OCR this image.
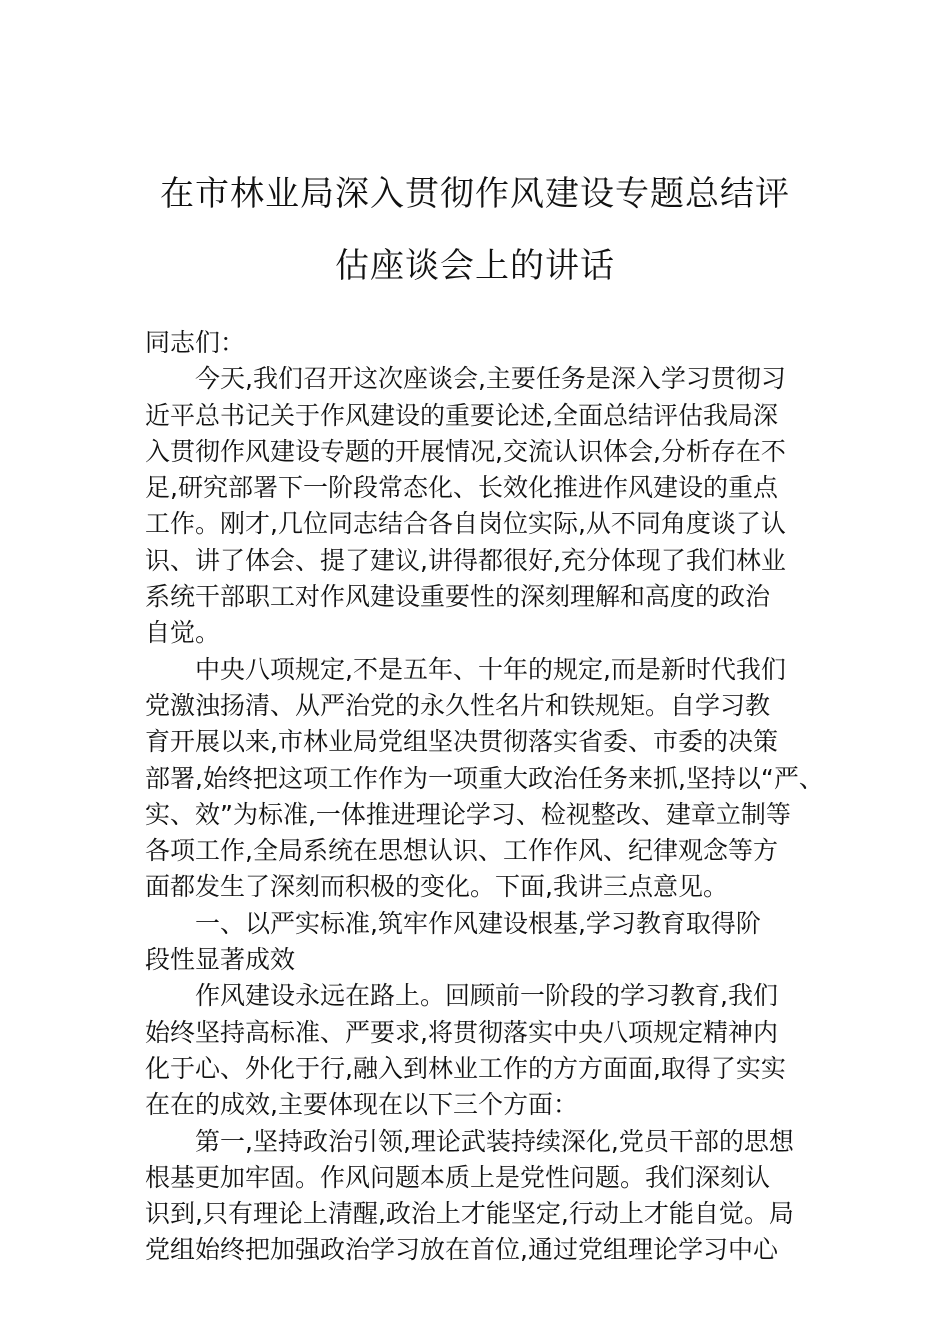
在市林业局深入贯彻作风建设专题总结评
估座谈会上的讲话
同志们：
今天,我们召开这次座谈会,主要任务是深入学习贯彻习
近平总书记关于作风建设的重要论述,全面总结评估我局深
入贯彻作风建设专题的开展情况,交流认识体会,分析存在不
足,研究部署下一阶段常态化、长效化推进作风建设的重点
工作。刚才,几位同志结合各自岗位实际,从不同角度谈了认
识、讲了体会、提了建议,讲得都很好,充分体现了我们林业
系统干部职工对作风建设重要性的深刻理解和高度的政治
自觉。
中央八项规定,不是五年、十年的规定,而是新时代我们
党激浊扬清、从严治党的永久性名片和铁规矩。自学习教
育开展以来,市林业局党组坚决贯彻落实省委、市委的决策
部署,始终把这项工作作为一项重大政治任务来抓,坚持以“严、
实、效”为标准,一体推进理论学习、检视整改、建章立制等
各项工作,全局系统在思想认识、工作作风、纪律观念等方
面都发生了深刻而积极的变化。下面,我讲三点意见。
一、以严实标准,筑牢作风建设根基,学习教育取得阶
段性显著成效
作风建设永远在路上。回顾前一阶段的学习教育,我们
始终坚持高标准、严要求,将贯彻落实中央八项规定精神内
化于心、外化于行,融入到林业工作的方方面面,取得了实实
在在的成效,主要体现在以下三个方面：
第一,坚持政治引领,理论武装持续深化,党员干部的思想
根基更加牢固。作风问题本质上是党性问题。我们深刻认
识到,只有理论上清醒,政治上才能坚定,行动上才能自觉。局
党组始终把加强政治学习放在首位,通过党组理论学习中心
